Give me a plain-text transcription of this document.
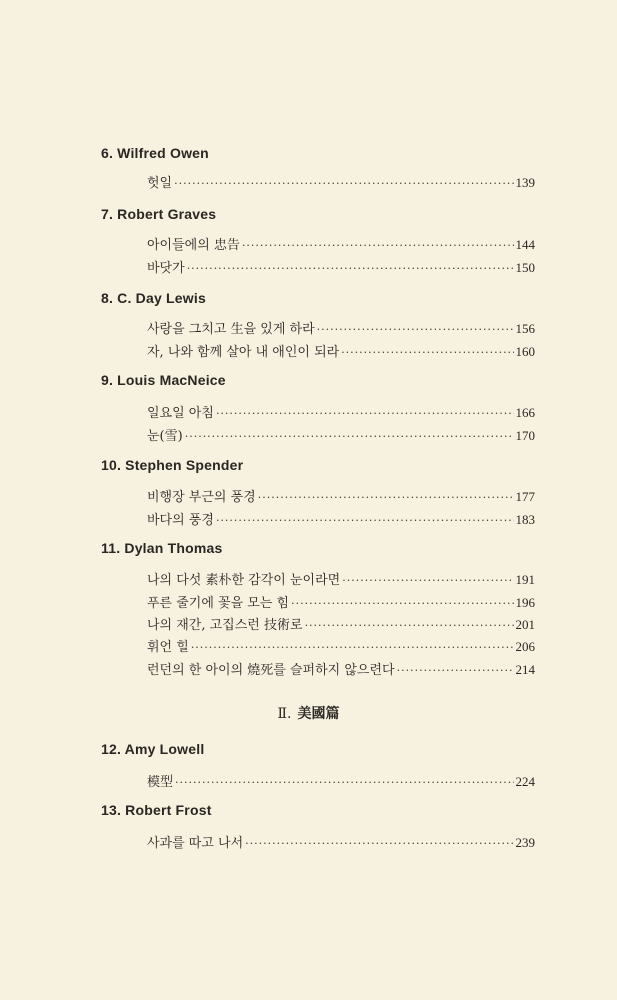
6. Wilfred Owen
헛일 ·····	139
7. Robert Graves
아이들에의 忠告 ·····	144
바닷가 ·····	150
8. C. Day Lewis
사랑을 그치고 生을 있게 하라 ·····	156
자, 나와 함께 살아 내 애인이 되라 ·····	160
9. Louis MacNeice
일요일 아침 ·····	166
눈(雪) ·····	170
10. Stephen Spender
비행장 부근의 풍경 ·····	177
바다의 풍경 ·····	183
11. Dylan Thomas
나의 다섯 素朴한 감각이 눈이라면 ·····	191
푸른 줄기에 꽃을 모는 힘 ·····	196
나의 재간, 고집스런 技術로 ·····	201
휘언 힐 ·····	206
런던의 한 아이의 燒死를 슬퍼하지 않으련다 ·····	214
Ⅱ. 美國篇
12. Amy Lowell
模型 ·····	224
13. Robert Frost
사과를 따고 나서 ·····	239
